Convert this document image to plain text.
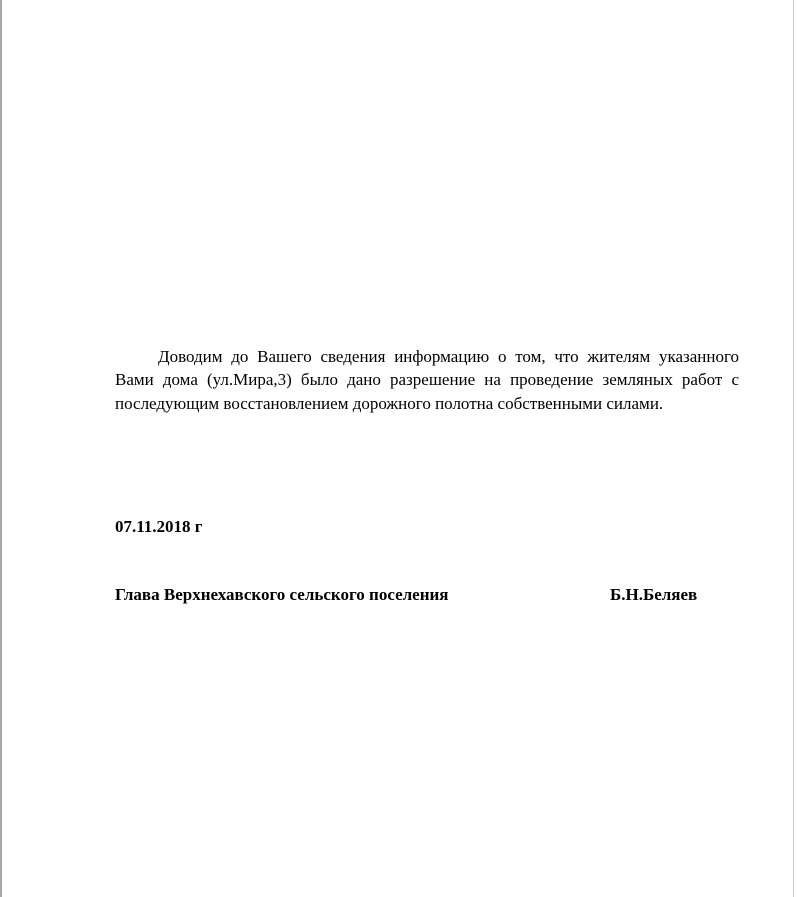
Доводим до Вашего сведения информацию о том, что жителям указанного Вами дома (ул.Мира,3) было дано разрешение на проведение земляных работ с последующим восстановлением дорожного полотна собственными силами.

07.11.2018 г

Глава Верхнехавского сельского поселения	Б.Н.Беляев
